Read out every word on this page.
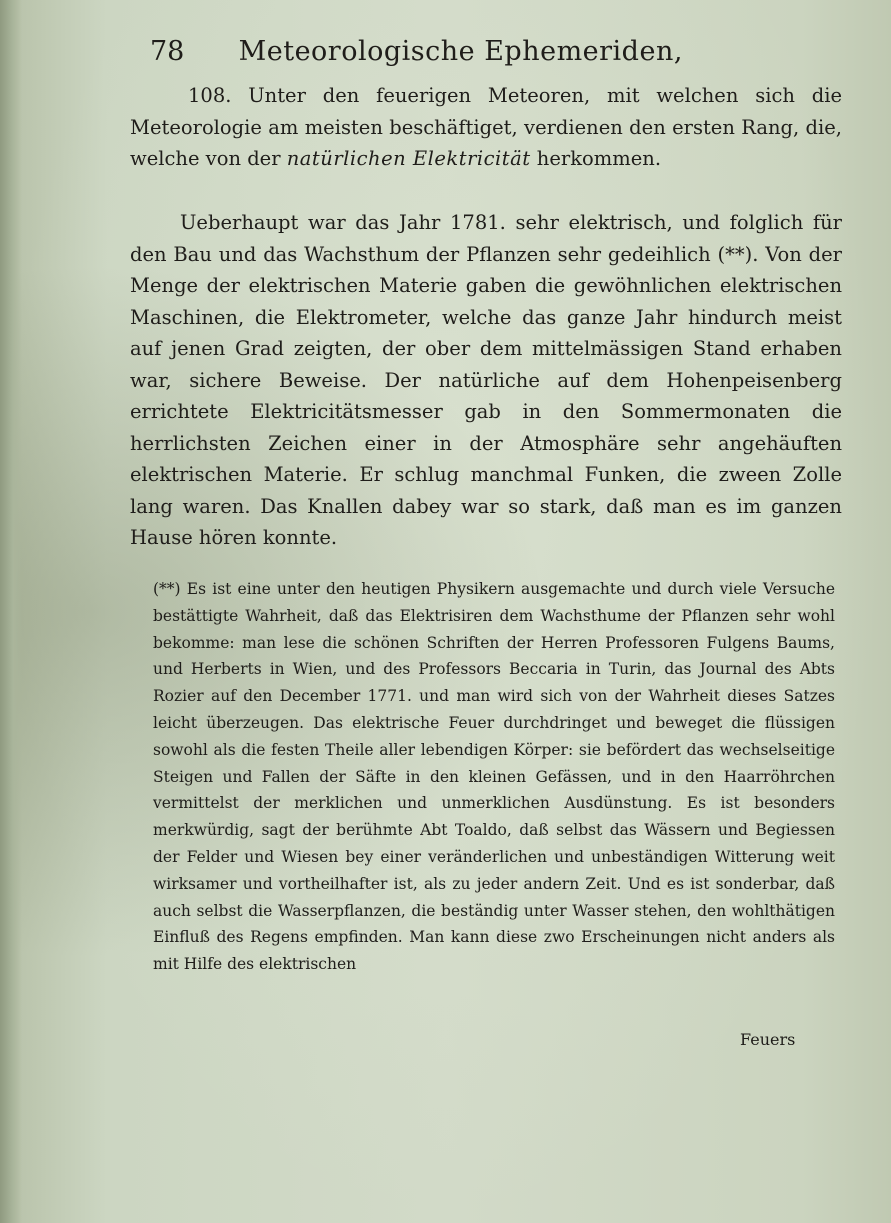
78 Meteorologische Ephemeriden,

108. Unter den feuerigen Meteoren, mit welchen sich die Meteorologie am meisten beschäftiget, verdienen den ersten Rang, die, welche von der natürlichen Elektricität herkommen.

Ueberhaupt war das Jahr 1781. sehr elektrisch, und folglich für den Bau und das Wachsthum der Pflanzen sehr gedeihlich (**). Von der Menge der elektrischen Materie gaben die gewöhnlichen elektrischen Maschinen, die Elektrometer, welche das ganze Jahr hindurch meist auf jenen Grad zeigten, der ober dem mittelmässigen Stand erhaben war, sichere Beweise. Der natürliche auf dem Hohenpeisenberg errichtete Elektricitätsmesser gab in den Sommermonaten die herrlichsten Zeichen einer in der Atmosphäre sehr angehäuften elektrischen Materie. Er schlug manchmal Funken, die zween Zolle lang waren. Das Knallen dabey war so stark, daß man es im ganzen Hause hören konnte.

(**) Es ist eine unter den heutigen Physikern ausgemachte und durch viele Versuche bestättigte Wahrheit, daß das Elektrisiren dem Wachsthume der Pflanzen sehr wohl bekomme: man lese die schönen Schriften der Herren Professoren Fulgens Baums, und Herberts in Wien, und des Professors Beccaria in Turin, das Journal des Abts Rozier auf den December 1771. und man wird sich von der Wahrheit dieses Satzes leicht überzeugen. Das elektrische Feuer durchdringet und beweget die flüssigen sowohl als die festen Theile aller lebendigen Körper: sie befördert das wechselseitige Steigen und Fallen der Säfte in den kleinen Gefässen, und in den Haarröhrchen vermittelst der merklichen und unmerklichen Ausdünstung. Es ist besonders merkwürdig, sagt der berühmte Abt Toaldo, daß selbst das Wässern und Begiessen der Felder und Wiesen bey einer veränderlichen und unbeständigen Witterung weit wirksamer und vortheilhafter ist, als zu jeder andern Zeit. Und es ist sonderbar, daß auch selbst die Wasserpflanzen, die beständig unter Wasser stehen, den wohlthätigen Einfluß des Regens empfinden. Man kann diese zwo Erscheinungen nicht anders als mit Hilfe des elektrischen

Feuers
